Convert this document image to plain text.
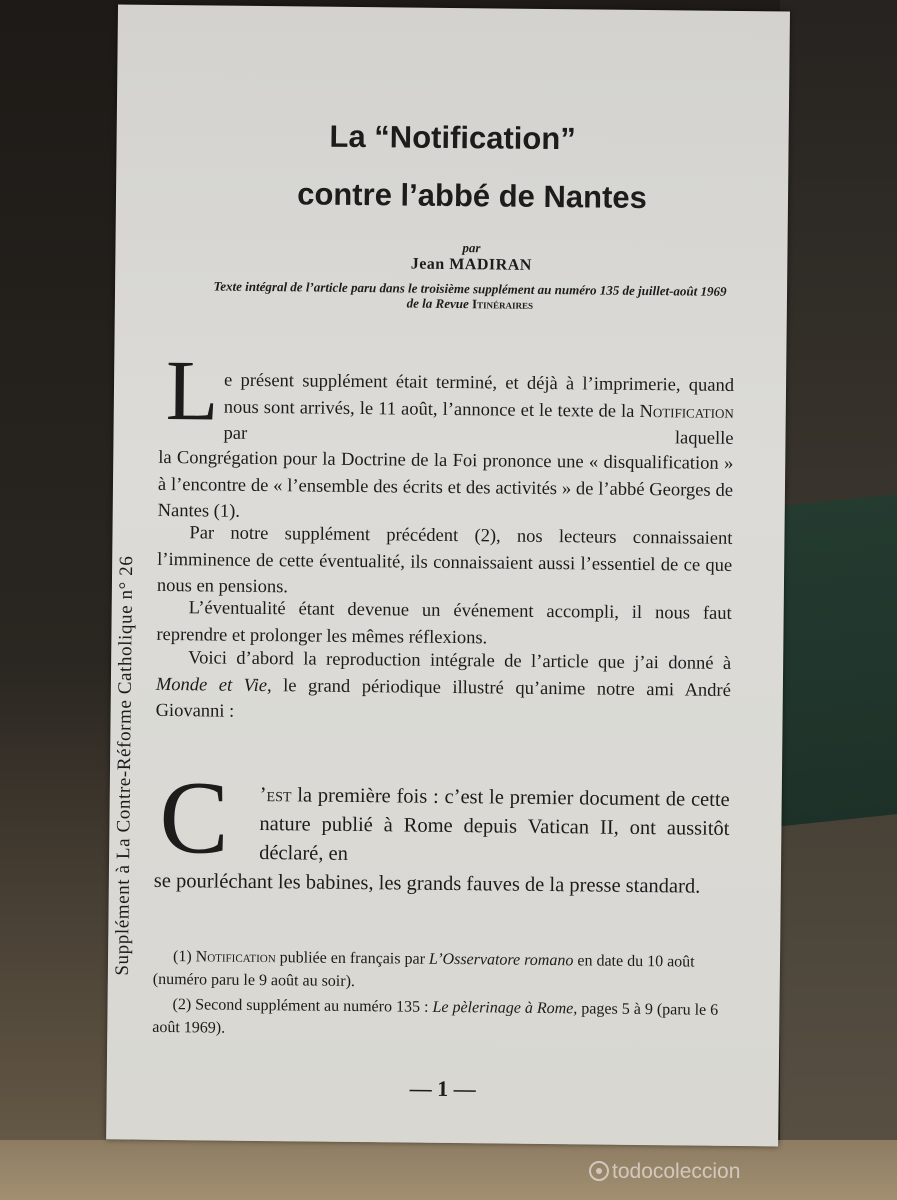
Supplément à La Contre-Réforme Catholique n° 26
La “Notification”
contre l’abbé de Nantes
par
Jean MADIRAN
Texte intégral de l’article paru dans le troisième supplément au numéro 135 de juillet-août 1969 de la Revue Itinéraires
L e présent supplément était terminé, et déjà à l’imprimerie, quand nous sont arrivés, le 11 août, l’annonce et le texte de la Notification par laquelle
la Congrégation pour la Doctrine de la Foi prononce une « disqualification » à l’encontre de « l’ensemble des écrits et des activités » de l’abbé Georges de Nantes (1).
Par notre supplément précédent (2), nos lecteurs connaissaient l’imminence de cette éventualité, ils connaissaient aussi l’essentiel de ce que nous en pensions.
L’éventualité étant devenue un événement accompli, il nous faut reprendre et prolonger les mêmes réflexions.
Voici d’abord la reproduction intégrale de l’article que j’ai donné à Monde et Vie, le grand périodique illustré qu’anime notre ami André Giovanni :
C ’est la première fois : c’est le premier document de cette nature publié à Rome depuis Vatican II, ont aussitôt déclaré, en
se pourléchant les babines, les grands fauves de la presse standard.
(1) Notification publiée en français par L’Osservatore romano en date du 10 août (numéro paru le 9 août au soir).
(2) Second supplément au numéro 135 : Le pèlerinage à Rome, pages 5 à 9 (paru le 6 août 1969).
— 1 —
todocoleccion
